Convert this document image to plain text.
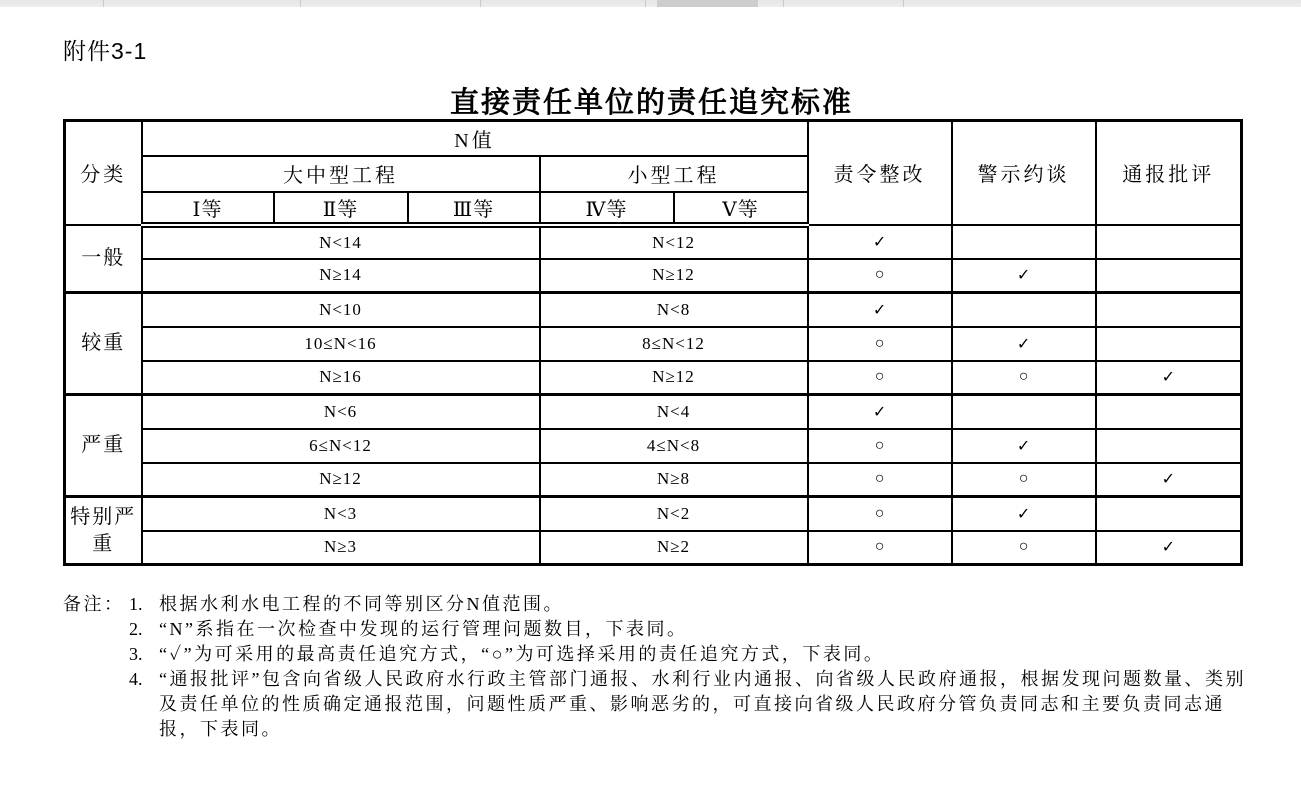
附件3-1
直接责任单位的责任追究标准
分类	N值					责令整改	警示约谈	通报批评
	大中型工程			小型工程				
	Ⅰ等	Ⅱ等	Ⅲ等	Ⅳ等	Ⅴ等			
一般	N<14			N<12		✓		
	N≥14			N≥12		○	✓	
较重	N<10			N<8		✓		
	10≤N<16			8≤N<12		○	✓	
	N≥16			N≥12		○	○	✓
严重	N<6			N<4		✓		
	6≤N<12			4≤N<8		○	✓	
	N≥12			N≥8		○	○	✓
特别严重	N<3			N<2		○	✓	
	N≥3			N≥2		○	○	✓
备注： 1. 根据水利水电工程的不同等别区分N值范围。
2. “N”系指在一次检查中发现的运行管理问题数目，下表同。
3. “✓”为可采用的最高责任追究方式，“○”为可选择采用的责任追究方式，下表同。
4. “通报批评”包含向省级人民政府水行政主管部门通报、水利行业内通报、向省级人民政府通报，根据发现问题数量、类别及责任单位的性质确定通报范围，问题性质严重、影响恶劣的，可直接向省级人民政府分管负责同志和主要负责同志通报，下表同。
